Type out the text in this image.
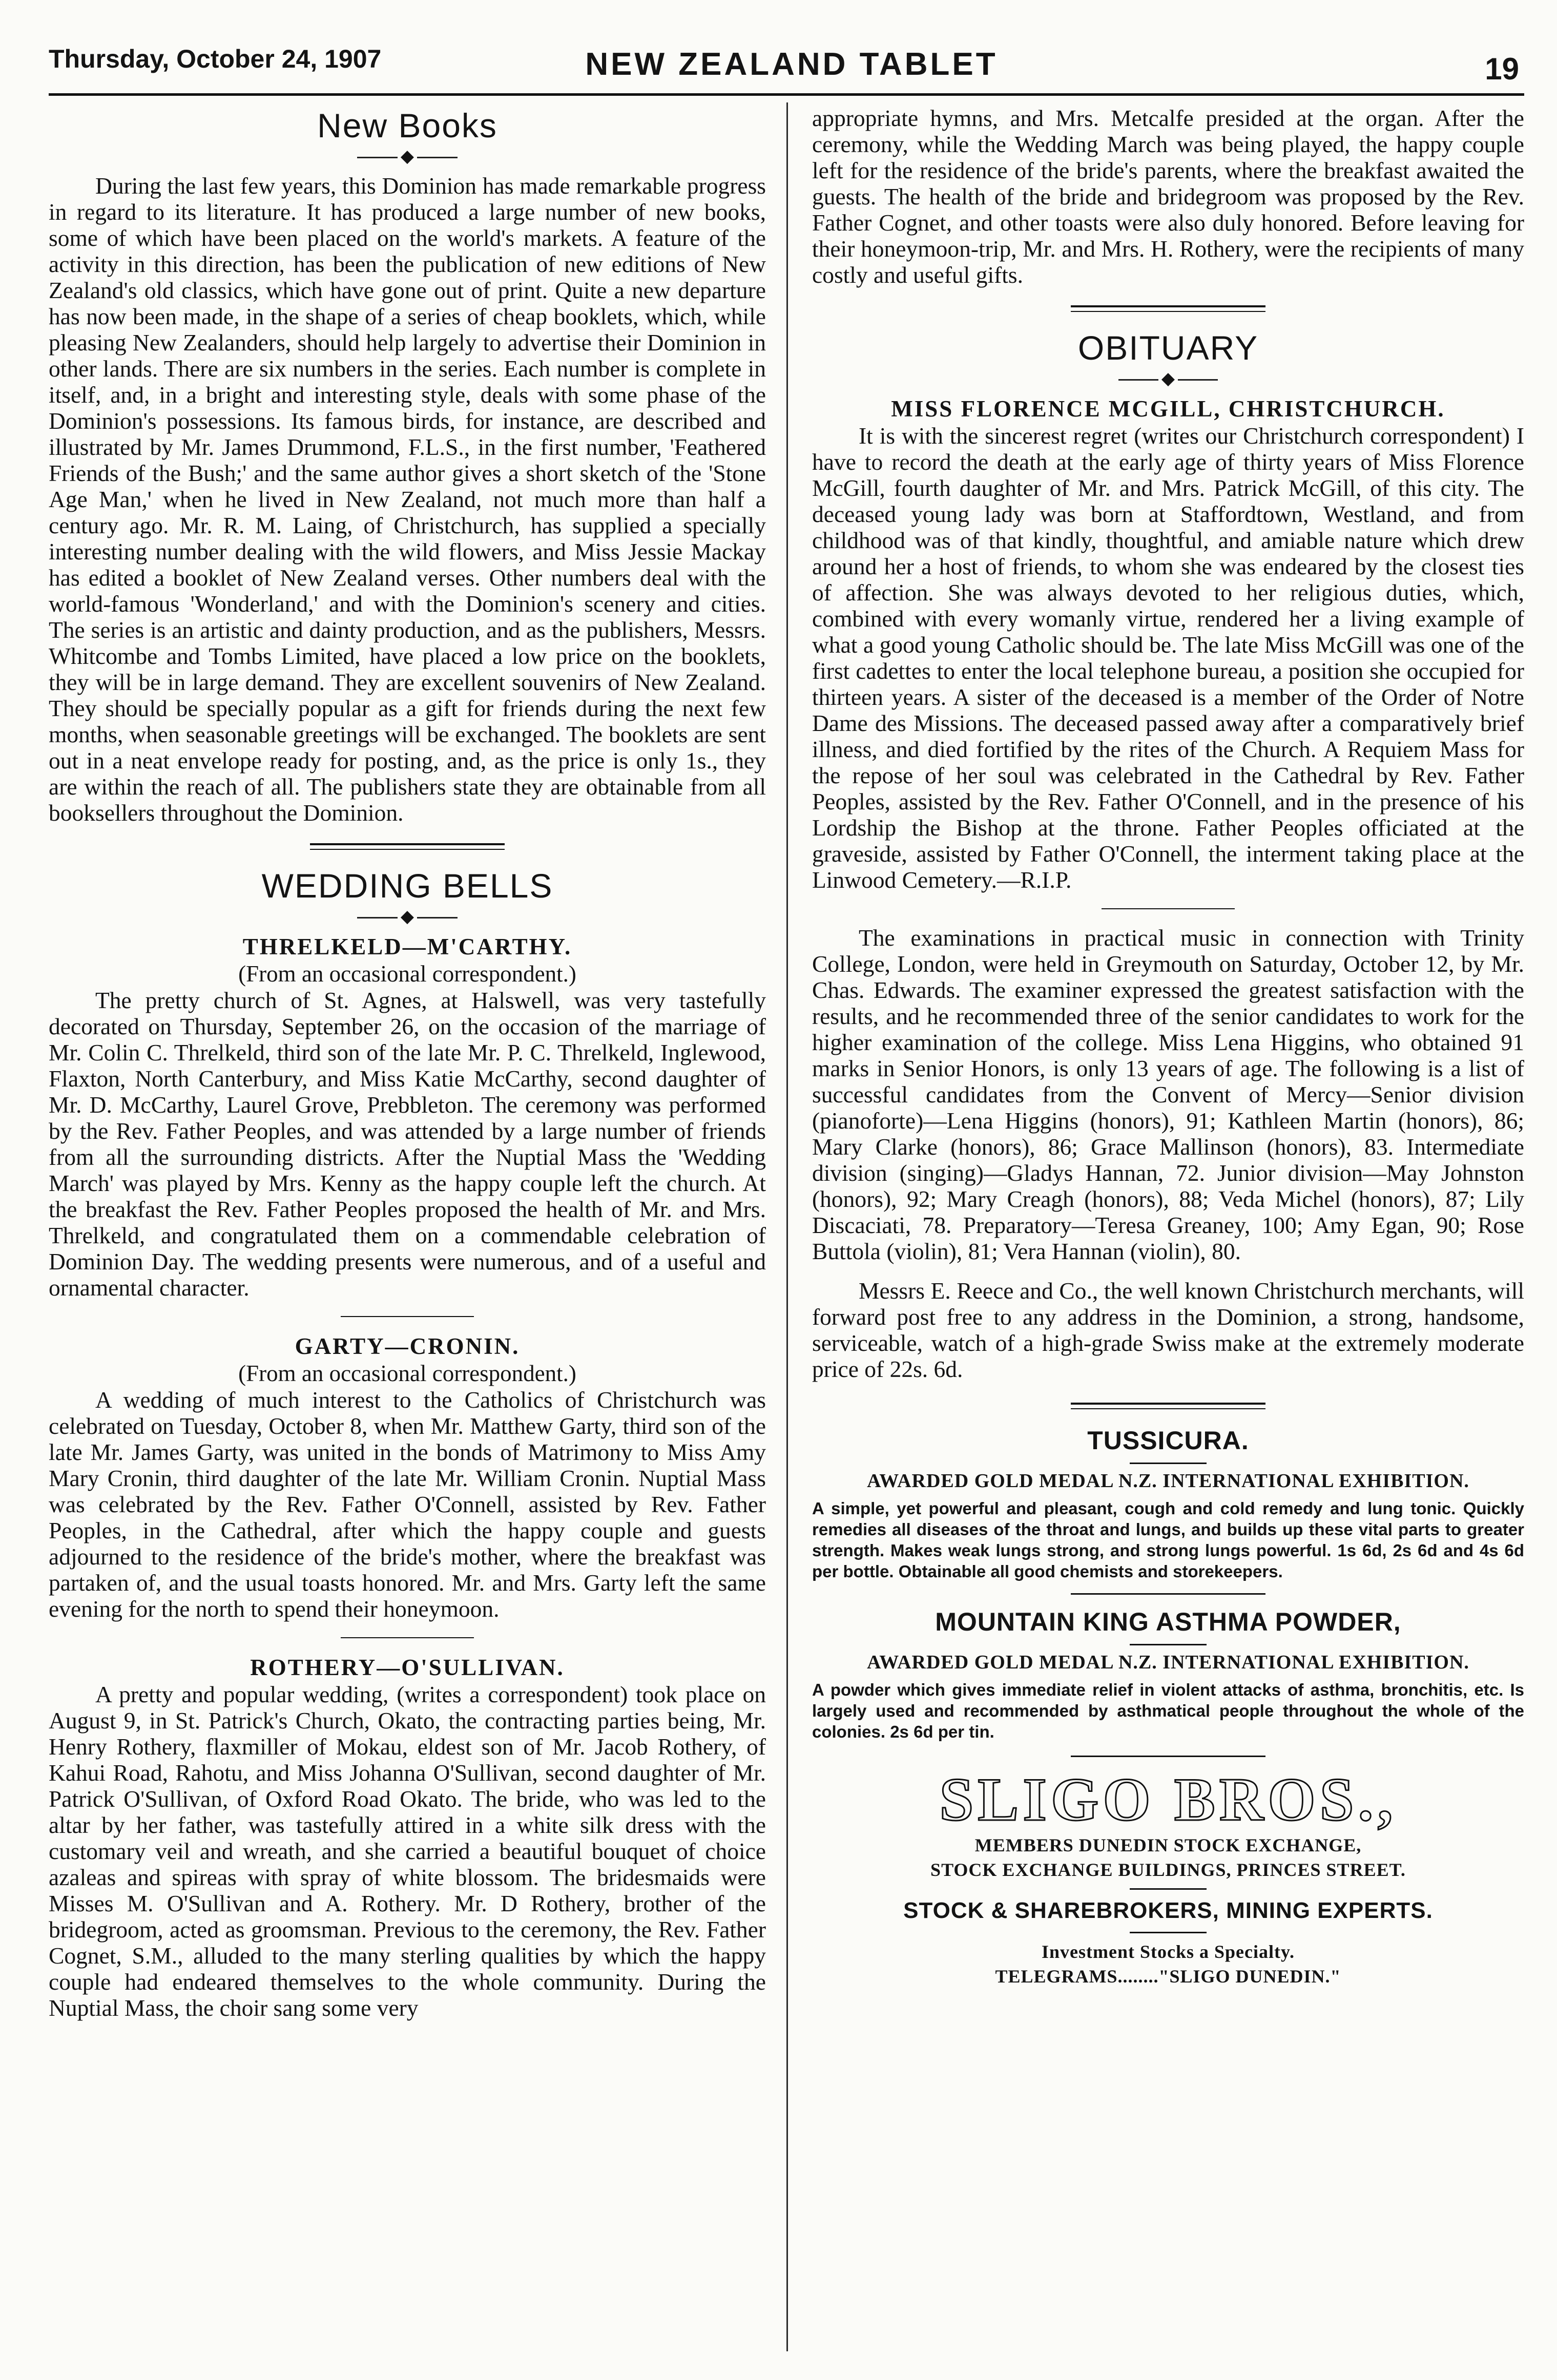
Thursday, October 24, 1907	NEW ZEALAND TABLET	19
New Books
◆

During the last few years, this Dominion has made remarkable progress in regard to its literature. It has produced a large number of new books, some of which have been placed on the world's markets. A feature of the activity in this direction, has been the publication of new editions of New Zealand's old classics, which have gone out of print. Quite a new departure has now been made, in the shape of a series of cheap booklets, which, while pleasing New Zealanders, should help largely to advertise their Dominion in other lands. There are six numbers in the series. Each number is complete in itself, and, in a bright and interesting style, deals with some phase of the Dominion's possessions. Its famous birds, for instance, are described and illustrated by Mr. James Drummond, F.L.S., in the first number, 'Feathered Friends of the Bush;' and the same author gives a short sketch of the 'Stone Age Man,' when he lived in New Zealand, not much more than half a century ago. Mr. R. M. Laing, of Christchurch, has supplied a specially interesting number dealing with the wild flowers, and Miss Jessie Mackay has edited a booklet of New Zealand verses. Other numbers deal with the world-famous 'Wonderland,' and with the Dominion's scenery and cities. The series is an artistic and dainty production, and as the publishers, Messrs. Whitcombe and Tombs Limited, have placed a low price on the booklets, they will be in large demand. They are excellent souvenirs of New Zealand. They should be specially popular as a gift for friends during the next few months, when seasonable greetings will be exchanged. The booklets are sent out in a neat envelope ready for posting, and, as the price is only 1s., they are within the reach of all. The publishers state they are obtainable from all booksellers throughout the Dominion.

WEDDING BELLS
◆
THRELKELD—M'CARTHY.
(From an occasional correspondent.)

The pretty church of St. Agnes, at Halswell, was very tastefully decorated on Thursday, September 26, on the occasion of the marriage of Mr. Colin C. Threlkeld, third son of the late Mr. P. C. Threlkeld, Inglewood, Flaxton, North Canterbury, and Miss Katie McCarthy, second daughter of Mr. D. McCarthy, Laurel Grove, Prebbleton. The ceremony was performed by the Rev. Father Peoples, and was attended by a large number of friends from all the surrounding districts. After the Nuptial Mass the 'Wedding March' was played by Mrs. Kenny as the happy couple left the church. At the breakfast the Rev. Father Peoples proposed the health of Mr. and Mrs. Threlkeld, and congratulated them on a commendable celebration of Dominion Day. The wedding presents were numerous, and of a useful and ornamental character.

GARTY—CRONIN.
(From an occasional correspondent.)

A wedding of much interest to the Catholics of Christchurch was celebrated on Tuesday, October 8, when Mr. Matthew Garty, third son of the late Mr. James Garty, was united in the bonds of Matrimony to Miss Amy Mary Cronin, third daughter of the late Mr. William Cronin. Nuptial Mass was celebrated by the Rev. Father O'Connell, assisted by Rev. Father Peoples, in the Cathedral, after which the happy couple and guests adjourned to the residence of the bride's mother, where the breakfast was partaken of, and the usual toasts honored. Mr. and Mrs. Garty left the same evening for the north to spend their honeymoon.

ROTHERY—O'SULLIVAN.

A pretty and popular wedding, (writes a correspondent) took place on August 9, in St. Patrick's Church, Okato, the contracting parties being, Mr. Henry Rothery, flaxmiller of Mokau, eldest son of Mr. Jacob Rothery, of Kahui Road, Rahotu, and Miss Johanna O'Sullivan, second daughter of Mr. Patrick O'Sullivan, of Oxford Road Okato. The bride, who was led to the altar by her father, was tastefully attired in a white silk dress with the customary veil and wreath, and she carried a beautiful bouquet of choice azaleas and spireas with spray of white blossom. The bridesmaids were Misses M. O'Sullivan and A. Rothery. Mr. D Rothery, brother of the bridegroom, acted as groomsman. Previous to the ceremony, the Rev. Father Cognet, S.M., alluded to the many sterling qualities by which the happy couple had endeared themselves to the whole community. During the Nuptial Mass, the choir sang some very

appropriate hymns, and Mrs. Metcalfe presided at the organ. After the ceremony, while the Wedding March was being played, the happy couple left for the residence of the bride's parents, where the breakfast awaited the guests. The health of the bride and bridegroom was proposed by the Rev. Father Cognet, and other toasts were also duly honored. Before leaving for their honeymoon-trip, Mr. and Mrs. H. Rothery, were the recipients of many costly and useful gifts.

OBITUARY
◆
MISS FLORENCE MCGILL, CHRISTCHURCH.

It is with the sincerest regret (writes our Christchurch correspondent) I have to record the death at the early age of thirty years of Miss Florence McGill, fourth daughter of Mr. and Mrs. Patrick McGill, of this city. The deceased young lady was born at Staffordtown, Westland, and from childhood was of that kindly, thoughtful, and amiable nature which drew around her a host of friends, to whom she was endeared by the closest ties of affection. She was always devoted to her religious duties, which, combined with every womanly virtue, rendered her a living example of what a good young Catholic should be. The late Miss McGill was one of the first cadettes to enter the local telephone bureau, a position she occupied for thirteen years. A sister of the deceased is a member of the Order of Notre Dame des Missions. The deceased passed away after a comparatively brief illness, and died fortified by the rites of the Church. A Requiem Mass for the repose of her soul was celebrated in the Cathedral by Rev. Father Peoples, assisted by the Rev. Father O'Connell, and in the presence of his Lordship the Bishop at the throne. Father Peoples officiated at the graveside, assisted by Father O'Connell, the interment taking place at the Linwood Cemetery.—R.I.P.

The examinations in practical music in connection with Trinity College, London, were held in Greymouth on Saturday, October 12, by Mr. Chas. Edwards. The examiner expressed the greatest satisfaction with the results, and he recommended three of the senior candidates to work for the higher examination of the college. Miss Lena Higgins, who obtained 91 marks in Senior Honors, is only 13 years of age. The following is a list of successful candidates from the Convent of Mercy—Senior division (pianoforte)—Lena Higgins (honors), 91; Kathleen Martin (honors), 86; Mary Clarke (honors), 86; Grace Mallinson (honors), 83. Intermediate division (singing)—Gladys Hannan, 72. Junior division—May Johnston (honors), 92; Mary Creagh (honors), 88; Veda Michel (honors), 87; Lily Discaciati, 78. Preparatory—Teresa Greaney, 100; Amy Egan, 90; Rose Buttola (violin), 81; Vera Hannan (violin), 80.

Messrs E. Reece and Co., the well known Christchurch merchants, will forward post free to any address in the Dominion, a strong, handsome, serviceable, watch of a high-grade Swiss make at the extremely moderate price of 22s. 6d.

TUSSICURA.
AWARDED GOLD MEDAL N.Z. INTERNATIONAL EXHIBITION.

A simple, yet powerful and pleasant, cough and cold remedy and lung tonic. Quickly remedies all diseases of the throat and lungs, and builds up these vital parts to greater strength. Makes weak lungs strong, and strong lungs powerful. 1s 6d, 2s 6d and 4s 6d per bottle. Obtainable all good chemists and storekeepers.

MOUNTAIN KING ASTHMA POWDER,
AWARDED GOLD MEDAL N.Z. INTERNATIONAL EXHIBITION.

A powder which gives immediate relief in violent attacks of asthma, bronchitis, etc. Is largely used and recommended by asthmatical people throughout the whole of the colonies. 2s 6d per tin.

SLIGO BROS.,
MEMBERS DUNEDIN STOCK EXCHANGE,
STOCK EXCHANGE BUILDINGS, PRINCES STREET.
STOCK & SHAREBROKERS, MINING EXPERTS.
Investment Stocks a Specialty.
TELEGRAMS........"SLIGO DUNEDIN."
